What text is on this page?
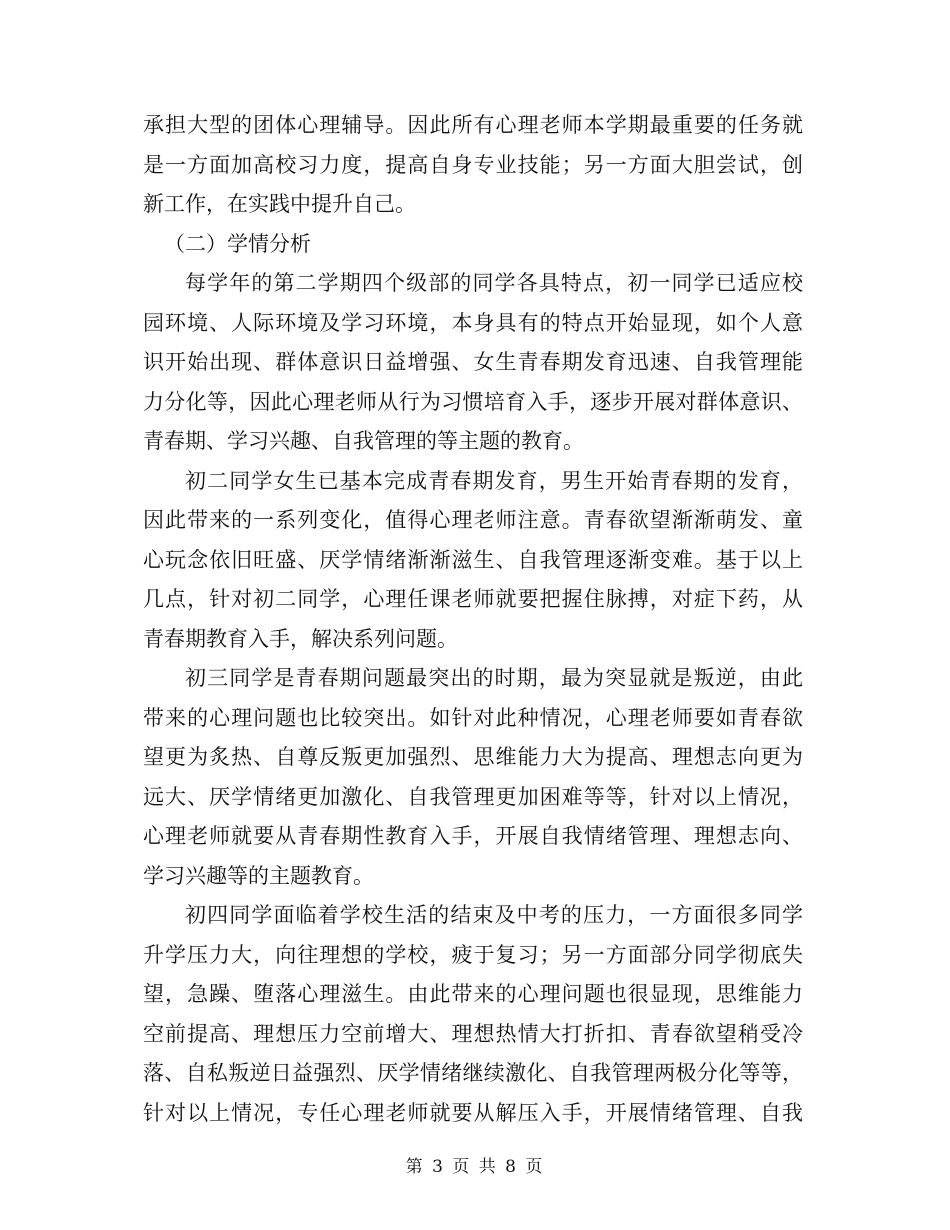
承担大型的团体心理辅导。因此所有心理老师本学期最重要的任务就
是一方面加高校习力度，提高自身专业技能；另一方面大胆尝试，创
新工作，在实践中提升自己。
（二）学情分析
每学年的第二学期四个级部的同学各具特点，初一同学已适应校
园环境、人际环境及学习环境，本身具有的特点开始显现，如个人意
识开始出现、群体意识日益增强、女生青春期发育迅速、自我管理能
力分化等，因此心理老师从行为习惯培育入手，逐步开展对群体意识、
青春期、学习兴趣、自我管理的等主题的教育。
初二同学女生已基本完成青春期发育，男生开始青春期的发育，
因此带来的一系列变化，值得心理老师注意。青春欲望渐渐萌发、童
心玩念依旧旺盛、厌学情绪渐渐滋生、自我管理逐渐变难。基于以上
几点，针对初二同学，心理任课老师就要把握住脉搏，对症下药，从
青春期教育入手，解决系列问题。
初三同学是青春期问题最突出的时期，最为突显就是叛逆，由此
带来的心理问题也比较突出。如针对此种情况，心理老师要如青春欲
望更为炙热、自尊反叛更加强烈、思维能力大为提高、理想志向更为
远大、厌学情绪更加激化、自我管理更加困难等等，针对以上情况，
心理老师就要从青春期性教育入手，开展自我情绪管理、理想志向、
学习兴趣等的主题教育。
初四同学面临着学校生活的结束及中考的压力，一方面很多同学
升学压力大，向往理想的学校，疲于复习；另一方面部分同学彻底失
望，急躁、堕落心理滋生。由此带来的心理问题也很显现，思维能力
空前提高、理想压力空前增大、理想热情大打折扣、青春欲望稍受冷
落、自私叛逆日益强烈、厌学情绪继续激化、自我管理两极分化等等，
针对以上情况，专任心理老师就要从解压入手，开展情绪管理、自我
第 3 页 共 8 页
